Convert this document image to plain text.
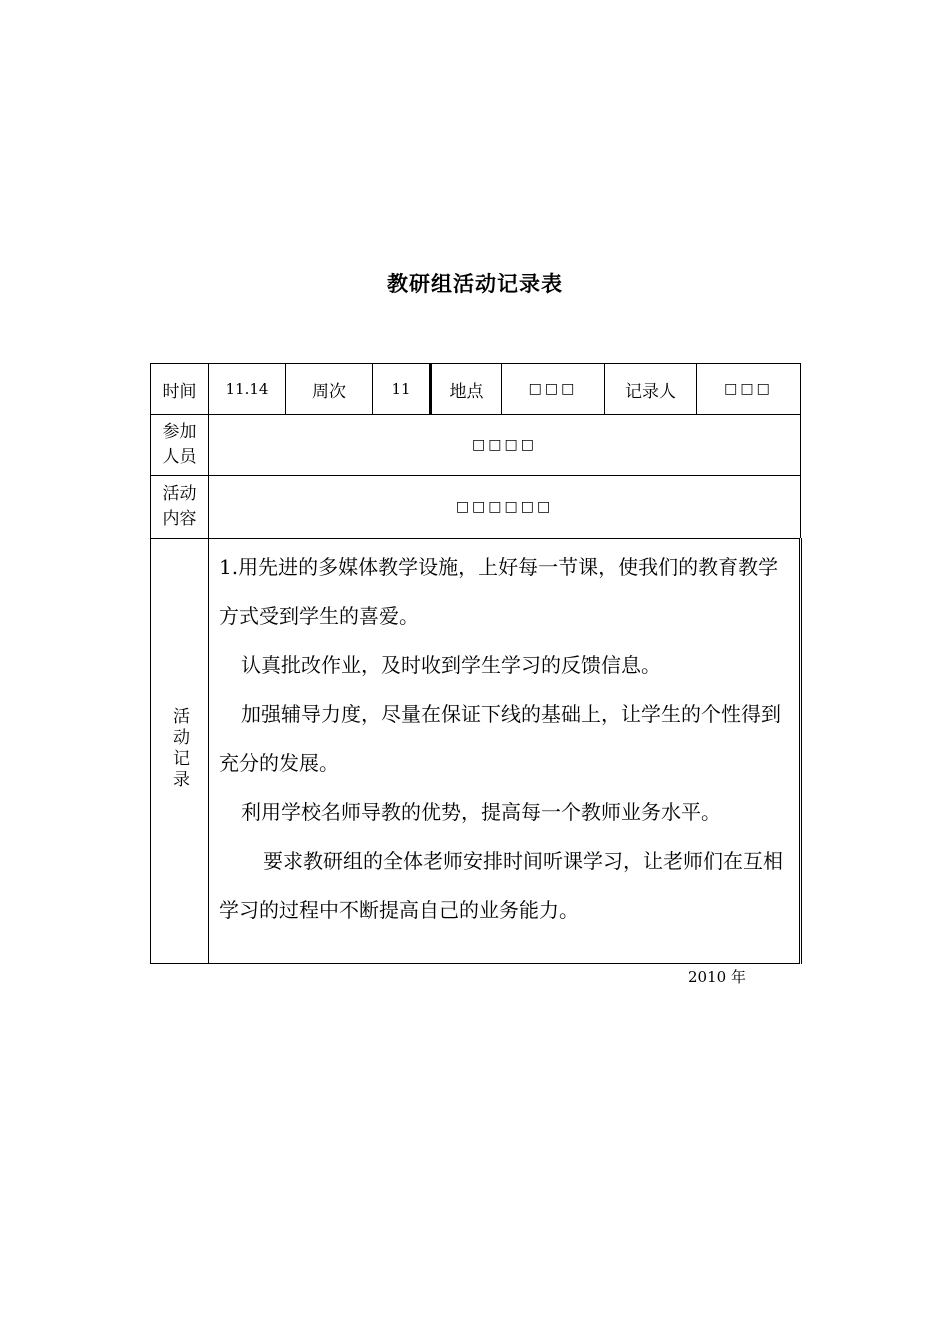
教研组活动记录表
时间	11.14	周次	11	地点	□□□	记录人	□□□

参加人员	□□□□						

活动内容	□□□□□□						
活动记录	1.用先进的多媒体教学设施，上好每一节课，使我们的教育教学方式受到学生的喜爱。

认真批改作业，及时收到学生学习的反馈信息。

加强辅导力度，尽量在保证下线的基础上，让学生的个性得到充分的发展。

利用学校名师导教的优势，提高每一个教师业务水平。

要求教研组的全体老师安排时间听课学习，让老师们在互相学习的过程中不断提高自己的业务能力。						

2010 年
